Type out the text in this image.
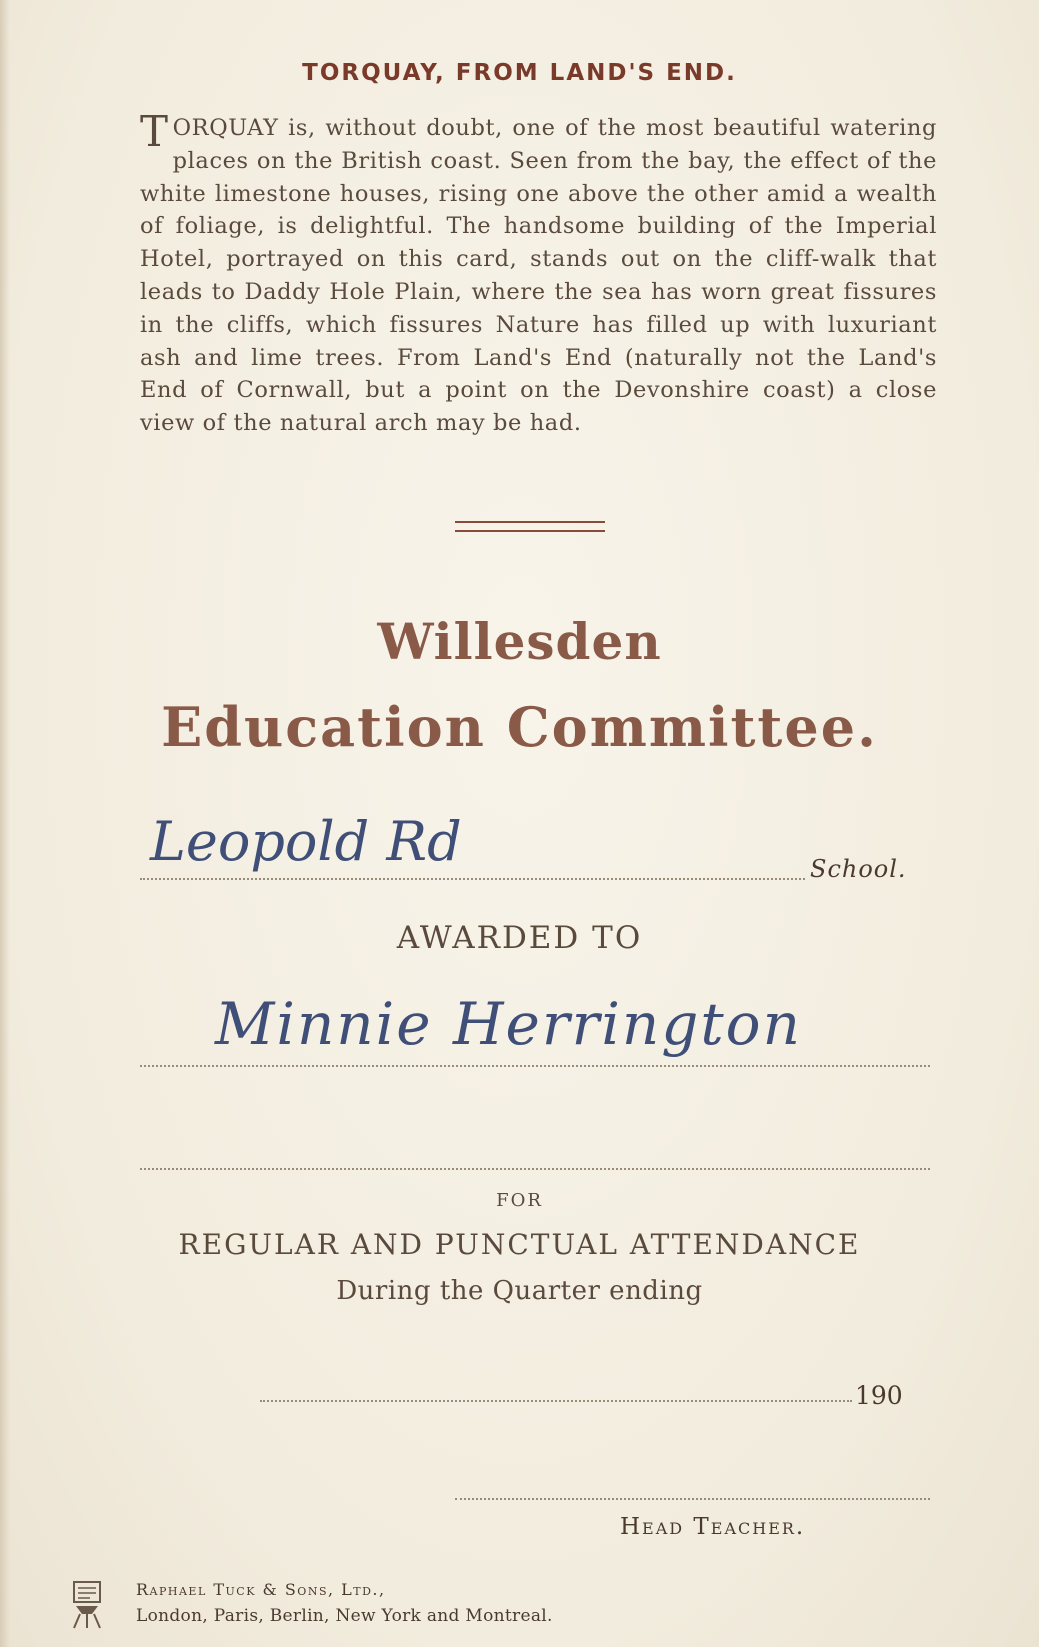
TORQUAY, FROM LAND'S END.
TORQUAY is, without doubt, one of the most beautiful watering places on the British coast. Seen from the bay, the effect of the white limestone houses, rising one above the other amid a wealth of foliage, is delightful. The handsome building of the Imperial Hotel, portrayed on this card, stands out on the cliff-walk that leads to Daddy Hole Plain, where the sea has worn great fissures in the cliffs, which fissures Nature has filled up with luxuriant ash and lime trees. From Land's End (naturally not the Land's End of Cornwall, but a point on the Devonshire coast) a close view of the natural arch may be had.
Willesden
Education Committee.
Leopold Rd	School.
AWARDED TO
Minnie Herrington
FOR
REGULAR AND PUNCTUAL ATTENDANCE
During the Quarter ending
190
Head Teacher.
Raphael Tuck & Sons, Ltd.,
London, Paris, Berlin, New York and Montreal.
